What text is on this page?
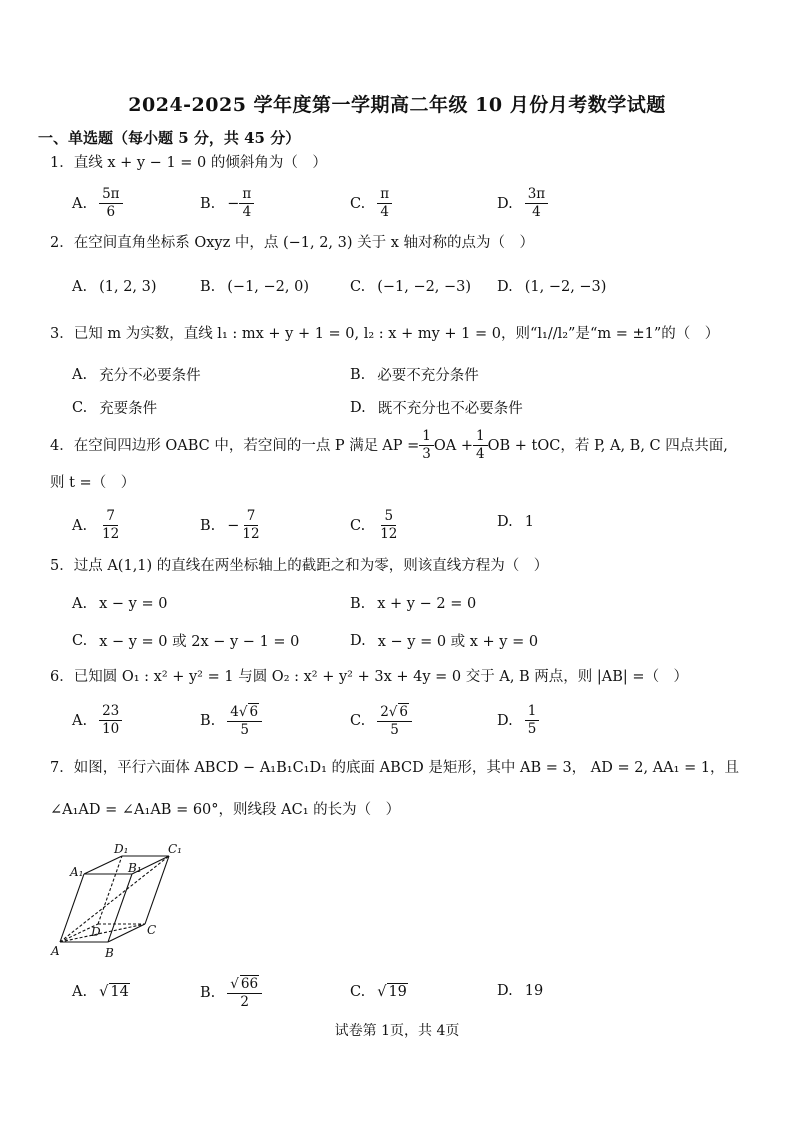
2024-2025 学年度第一学期高二年级 10 月份月考数学试题
一、单选题（每小题 5 分，共 45 分）
1．直线 x + y − 1 = 0 的倾斜角为（　）
A. $\frac{5\pi}{6}$	B. − $\frac{\pi}{4}$	C. $\frac{\pi}{4}$	D. $\frac{3\pi}{4}$
2．在空间直角坐标系 Oxyz 中，点 (−1, 2, 3) 关于 x 轴对称的点为（　）
A. (1, 2, 3)	B. (−1, −2, 0)	C. (−1, −2, −3) D. (1, −2, −3)
3．已知 m 为实数，直线 l₁ : mx + y + 1 = 0, l₂ : x + my + 1 = 0，则“l₁//l₂”是“m = ±1”的（　）
A. 充分不必要条件	B. 必要不充分条件
C. 充要条件	D. 既不充分也不必要条件
4．在空间四边形 OABC 中，若空间的一点 P 满足 AP = $\frac{1}{3}$ OA + $\frac{1}{4}$ OB + tOC，若 P, A, B, C 四点共面,
则 t =（　）
A. $\frac{7}{12}$	B. − $\frac{7}{12}$	C. $\frac{5}{12}$	D. 1
5．过点 A(1,1) 的直线在两坐标轴上的截距之和为零，则该直线方程为（　）
A. x − y = 0	B. x + y − 2 = 0
C. x − y = 0 或 2x − y − 1 = 0	D. x − y = 0 或 x + y = 0
6．已知圆 O₁ : x² + y² = 1 与圆 O₂ : x² + y² + 3x + 4y = 0 交于 A, B 两点，则 |AB| =（　）
A. $\frac{23}{10}$	B. $\frac{4√ 6}{5}$	C. $\frac{2√ 6}{5}$	D. $\frac{1}{5}$
7．如图，平行六面体 ABCD − A₁B₁C₁D₁ 的底面 ABCD 是矩形，其中 AB = 3， AD = 2, AA₁ = 1，且
∠A₁AD = ∠A₁AB = 60°，则线段 AC₁ 的长为（　）
D₁	C₁
A₁	B₁
D	C
A	B
A. √ 14	B. $\frac{√ 66}{2}$	C. √ 19	D. 19
试卷第 1页，共 4页
